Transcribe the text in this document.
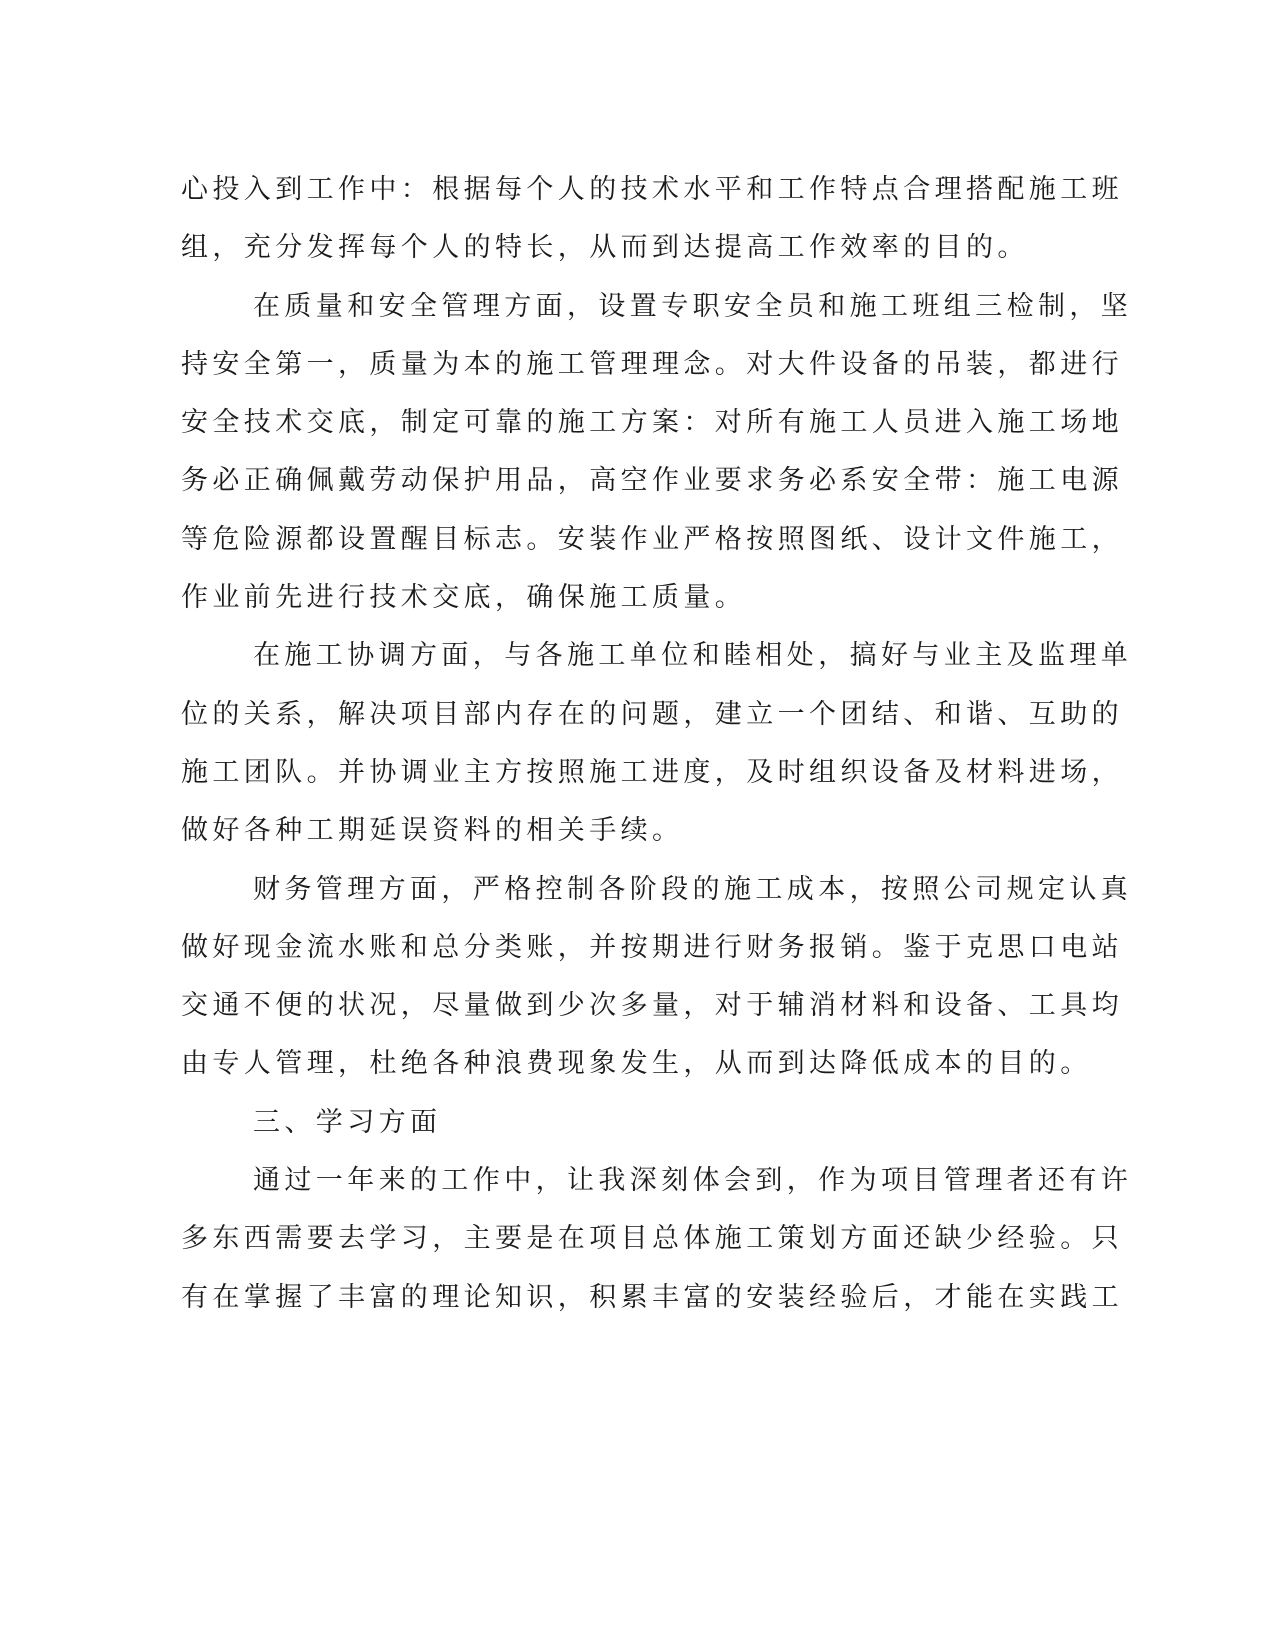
心投入到工作中：根据每个人的技术水平和工作特点合理搭配施工班
组，充分发挥每个人的特长，从而到达提高工作效率的目的。
在质量和安全管理方面，设置专职安全员和施工班组三检制，坚
持安全第一，质量为本的施工管理理念。对大件设备的吊装，都进行
安全技术交底，制定可靠的施工方案：对所有施工人员进入施工场地
务必正确佩戴劳动保护用品，高空作业要求务必系安全带：施工电源
等危险源都设置醒目标志。安装作业严格按照图纸、设计文件施工，
作业前先进行技术交底，确保施工质量。
在施工协调方面，与各施工单位和睦相处，搞好与业主及监理单
位的关系，解决项目部内存在的问题，建立一个团结、和谐、互助的
施工团队。并协调业主方按照施工进度，及时组织设备及材料进场，
做好各种工期延误资料的相关手续。
财务管理方面，严格控制各阶段的施工成本，按照公司规定认真
做好现金流水账和总分类账，并按期进行财务报销。鉴于克思口电站
交通不便的状况，尽量做到少次多量，对于辅消材料和设备、工具均
由专人管理，杜绝各种浪费现象发生，从而到达降低成本的目的。
三、学习方面
通过一年来的工作中，让我深刻体会到，作为项目管理者还有许
多东西需要去学习，主要是在项目总体施工策划方面还缺少经验。只
有在掌握了丰富的理论知识，积累丰富的安装经验后，才能在实践工
